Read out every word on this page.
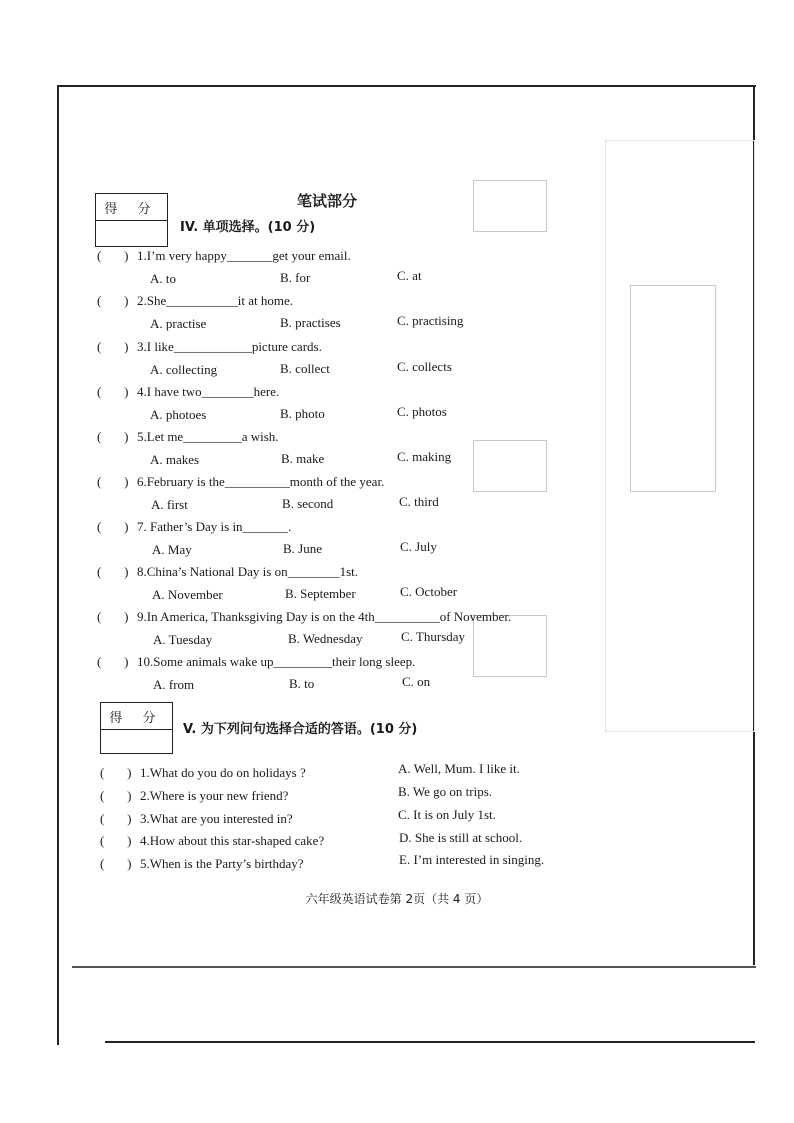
笔试部分
得 分
IV. 单项选择。(10 分)
(       ) 1.I’m very happy_______get your email.
A. to	B. for	C. at
(       ) 2.She___________it at home.
A. practise	B. practises	C. practising
(       ) 3.I like____________picture cards.
A. collecting	B. collect	C. collects
(       ) 4.I have two________here.
A. photoes	B. photo	C. photos
(       ) 5.Let me_________a wish.
A. makes	B. make	C. making
(       ) 6.February is the__________month of the year.
A. first	B. second	C. third
(       ) 7. Father’s Day is in_______.
A. May	B. June	C. July
(       ) 8.China’s National Day is on________1st.
A. November	B. September	C. October
(       ) 9.In America, Thanksgiving Day is on the 4th__________of November.
A. Tuesday	B. Wednesday	C. Thursday
(       ) 10.Some animals wake up_________their long sleep.
A. from	B. to	C. on
得 分
V. 为下列问句选择合适的答语。(10 分)
(       ) 1.What do you do on holidays ?	A. Well, Mum. I like it.
(       ) 2.Where is your new friend?	B. We go on trips.
(       ) 3.What are you interested in?	C. It is on July 1st.
(       ) 4.How about this star-shaped cake?	D. She is still at school.
(       ) 5.When is the Party’s birthday?	E. I’m interested in singing.
六年级英语试卷第 2页（共 4 页）
